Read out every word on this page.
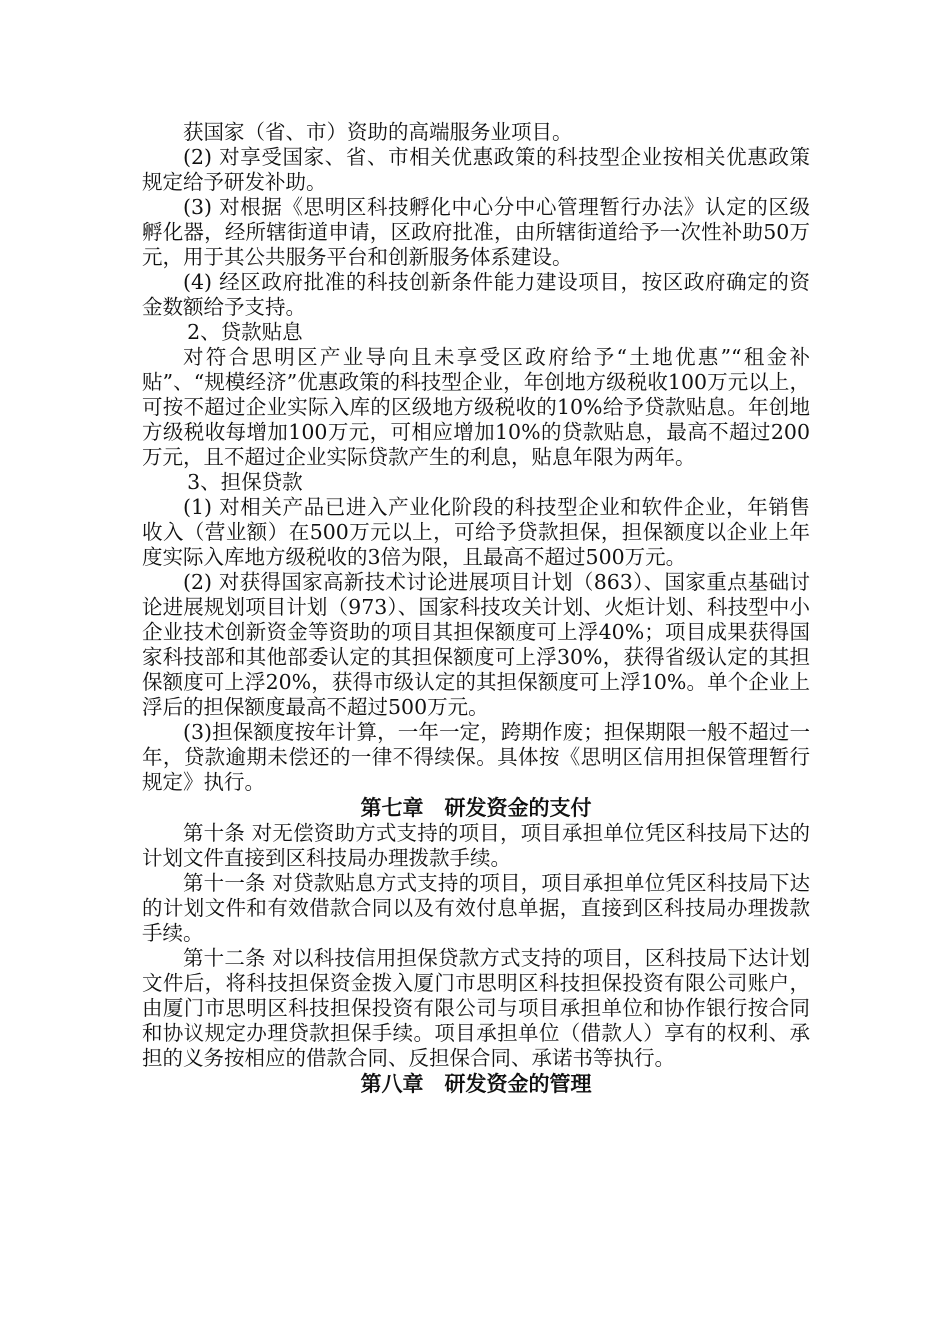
获国家（省、市）资助的高端服务业项目。

(2) 对享受国家、省、市相关优惠政策的科技型企业按相关优惠政策规定给予研发补助。

(3) 对根据《思明区科技孵化中心分中心管理暂行办法》认定的区级孵化器，经所辖街道申请，区政府批准，由所辖街道给予一次性补助50万元，用于其公共服务平台和创新服务体系建设。

(4) 经区政府批准的科技创新条件能力建设项目，按区政府确定的资金数额给予支持。

2、贷款贴息

对符合思明区产业导向且未享受区政府给予“土地优惠”“租金补贴”、“规模经济”优惠政策的科技型企业，年创地方级税收100万元以上，可按不超过企业实际入库的区级地方级税收的10%给予贷款贴息。年创地方级税收每增加100万元，可相应增加10%的贷款贴息，最高不超过200万元，且不超过企业实际贷款产生的利息，贴息年限为两年。

3、担保贷款

(1) 对相关产品已进入产业化阶段的科技型企业和软件企业，年销售收入（营业额）在500万元以上，可给予贷款担保，担保额度以企业上年度实际入库地方级税收的3倍为限，且最高不超过500万元。

(2) 对获得国家高新技术讨论进展项目计划（863）、国家重点基础讨论进展规划项目计划（973）、国家科技攻关计划、火炬计划、科技型中小企业技术创新资金等资助的项目其担保额度可上浮40%；项目成果获得国家科技部和其他部委认定的其担保额度可上浮30%，获得省级认定的其担保额度可上浮20%，获得市级认定的其担保额度可上浮10%。单个企业上浮后的担保额度最高不超过500万元。

(3)担保额度按年计算，一年一定，跨期作废；担保期限一般不超过一年，贷款逾期未偿还的一律不得续保。具体按《思明区信用担保管理暂行规定》执行。

第七章　研发资金的支付

第十条 对无偿资助方式支持的项目，项目承担单位凭区科技局下达的计划文件直接到区科技局办理拨款手续。

第十一条 对贷款贴息方式支持的项目，项目承担单位凭区科技局下达的计划文件和有效借款合同以及有效付息单据，直接到区科技局办理拨款手续。

第十二条 对以科技信用担保贷款方式支持的项目，区科技局下达计划文件后，将科技担保资金拨入厦门市思明区科技担保投资有限公司账户，由厦门市思明区科技担保投资有限公司与项目承担单位和协作银行按合同和协议规定办理贷款担保手续。项目承担单位（借款人）享有的权利、承担的义务按相应的借款合同、反担保合同、承诺书等执行。

第八章　研发资金的管理
